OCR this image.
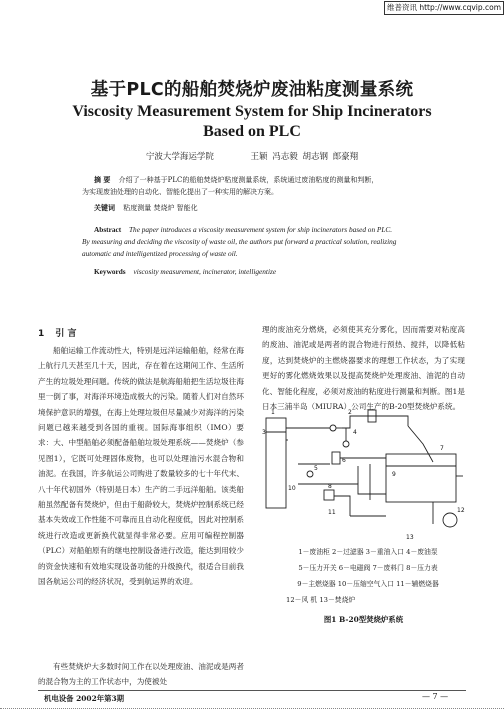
维普资讯 http://www.cqvip.com
基于PLC的船舶焚烧炉废油粘度测量系统
Viscosity Measurement System for Ship Incinerators
Based on PLC
宁波大学海运学院	王颖 冯志毅 胡志钢 郎豪翔
摘 要 介绍了一种基于PLC的船舶焚烧炉粘度测量系统，系统通过废油粘度的测量和判断，
为实现废油处理的自动化、智能化提出了一种实用的解决方案。
关键词 粘度测量 焚烧炉 智能化
Abstract The paper introduces a viscosity measurement system for ship incinerators based on PLC.
By measuring and deciding the viscosity of waste oil, the authors put forward a practical solution, realizing
automatic and intelligentized processing of waste oil.
Keywords viscosity measurement, incinerator, intelligentize
1 引 言
船舶运输工作流动性大，特别是远洋运输船舶，经常在海上航行几天甚至几十天，因此，存在着在这期间工作、生活所产生的垃圾处理问题。传统的做法是航海船舶把生活垃圾往海里一倒了事，对海洋环境造成极大的污染。随着人们对自然环境保护意识的增强，在海上处理垃圾但尽量减少对海洋的污染问题已越来越受到各国的重视。国际海事组织（IMO）要求：大、中型船舶必须配备船舶垃圾处理系统——焚烧炉（参见图1），它既可处理固体废物，也可以处理油污水混合物和油泥。在我国，许多航运公司购进了数量较多的七十年代末、八十年代初国外（特别是日本）生产的二手远洋船舶。该类船舶虽然配备有焚烧炉，但由于船龄较大，焚烧炉控制系统已经基本失效或工作性能不可靠而且自动化程度低，因此对控制系统进行改造或更新换代就显得非常必要。应用可编程控制器（PLC）对船舶原有的继电控制设备进行改造，能达到用较少的资金快速和有效地实现设备功能的升级换代，很适合目前我国各航运公司的经济状况，受到航运界的欢迎。
有些焚烧炉大多数时间工作在以处理废油、油泥或是两者的混合物为主的工作状态中，为使被处
理的废油充分燃烧，必须使其充分雾化，因而需要对粘度高的废油、油泥或是两者的混合物进行预热、搅拌，以降低粘度，达到焚烧炉的主燃烧器要求的理想工作状态，为了实现更好的雾化燃烧效果以及提高焚烧炉处理废油、油泥的自动化、智能化程度，必须对废油的粘度进行测量和判断。图1是日本三浦半岛（MIURA）公司生产的B-20型焚烧炉系统。
1	2
3	4
5
6
7
8
9
10
11	12
13
1－废油柜 2－过滤器 3－重油入口 4－废油泵
5－压力开关 6－电磁阀 7－废料门 8－压力表
9－主燃烧器 10－压缩空气入口 11－辅燃烧器
12－风 机 13－焚烧炉
图1 B-20型焚烧炉系统
机电设备 2002年第3期	— 7 —
